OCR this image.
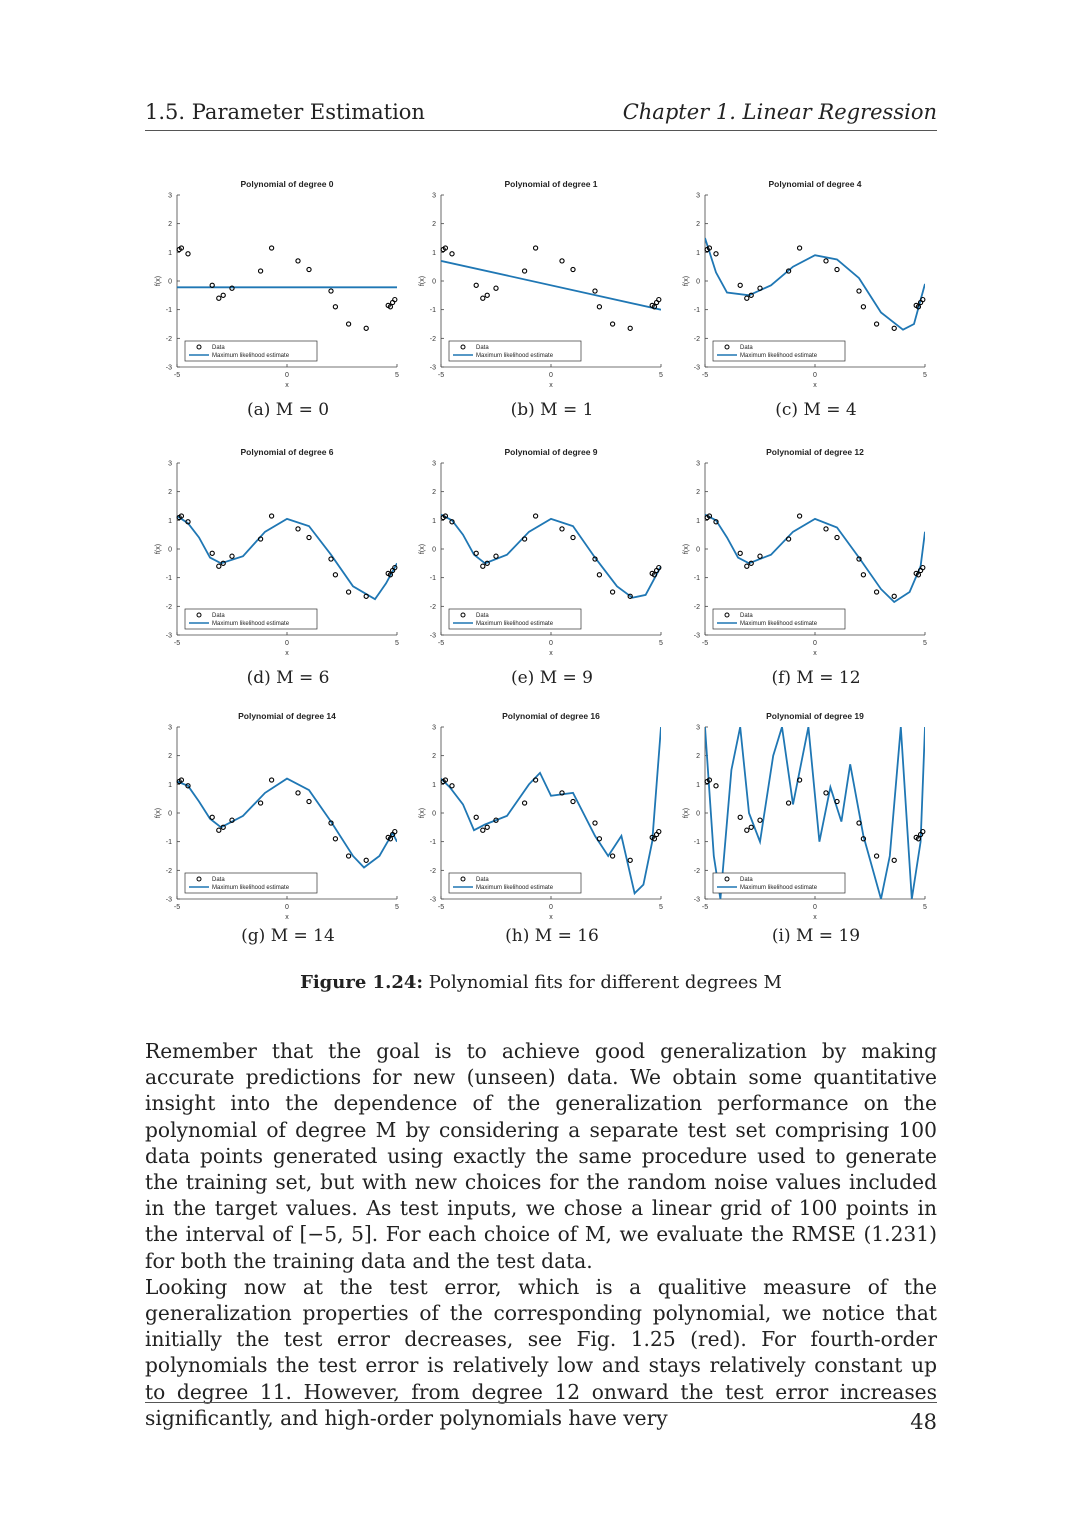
1.5. Parameter Estimation	Chapter 1. Linear Regression
Polynomial of degree 0
-3
-2
-1
0
1
2
3
-5	0	5
x
f(x)
Data
Maximum likelihood estimate
(a) M = 0
Polynomial of degree 1
-3
-2
-1
0
1
2
3
-5	0	5
x
f(x)
Data
Maximum likelihood estimate
(b) M = 1
Polynomial of degree 4
-3
-2
-1
0
1
2
3
-5	0	5
x
f(x)
Data
Maximum likelihood estimate
(c) M = 4
Polynomial of degree 6
-3
-2
-1
0
1
2
3
-5	0	5
x
f(x)
Data
Maximum likelihood estimate
(d) M = 6
Polynomial of degree 9
-3
-2
-1
0
1
2
3
-5	0	5
x
f(x)
Data
Maximum likelihood estimate
(e) M = 9
Polynomial of degree 12
-3
-2
-1
0
1
2
3
-5	0	5
x
f(x)
Data
Maximum likelihood estimate
(f) M = 12
Polynomial of degree 14
-3
-2
-1
0
1
2
3
-5	0	5
x
f(x)
Data
Maximum likelihood estimate
(g) M = 14
Polynomial of degree 16
-3
-2
-1
0
1
2
3
-5	0	5
x
f(x)
Data
Maximum likelihood estimate
(h) M = 16
Polynomial of degree 19
-3
-2
-1
0
1
2
3
-5	0	5
x
f(x)
Data
Maximum likelihood estimate
(i) M = 19
Figure 1.24: Polynomial fits for different degrees M

Remember that the goal is to achieve good generalization by making accurate predictions for new (unseen) data. We obtain some quantitative insight into the dependence of the generalization performance on the polynomial of degree M by considering a separate test set comprising 100 data points generated using exactly the same procedure used to generate the training set, but with new choices for the random noise values included in the target values. As test inputs, we chose a linear grid of 100 points in the interval of [−5, 5]. For each choice of M, we evaluate the RMSE (1.231) for both the training data and the test data.

Looking now at the test error, which is a qualitive measure of the generalization properties of the corresponding polynomial, we notice that initially the test error decreases, see Fig. 1.25 (red). For fourth-order polynomials the test error is relatively low and stays relatively constant up to degree 11. However, from degree 12 onward the test error increases significantly, and high-order polynomials have very	48
